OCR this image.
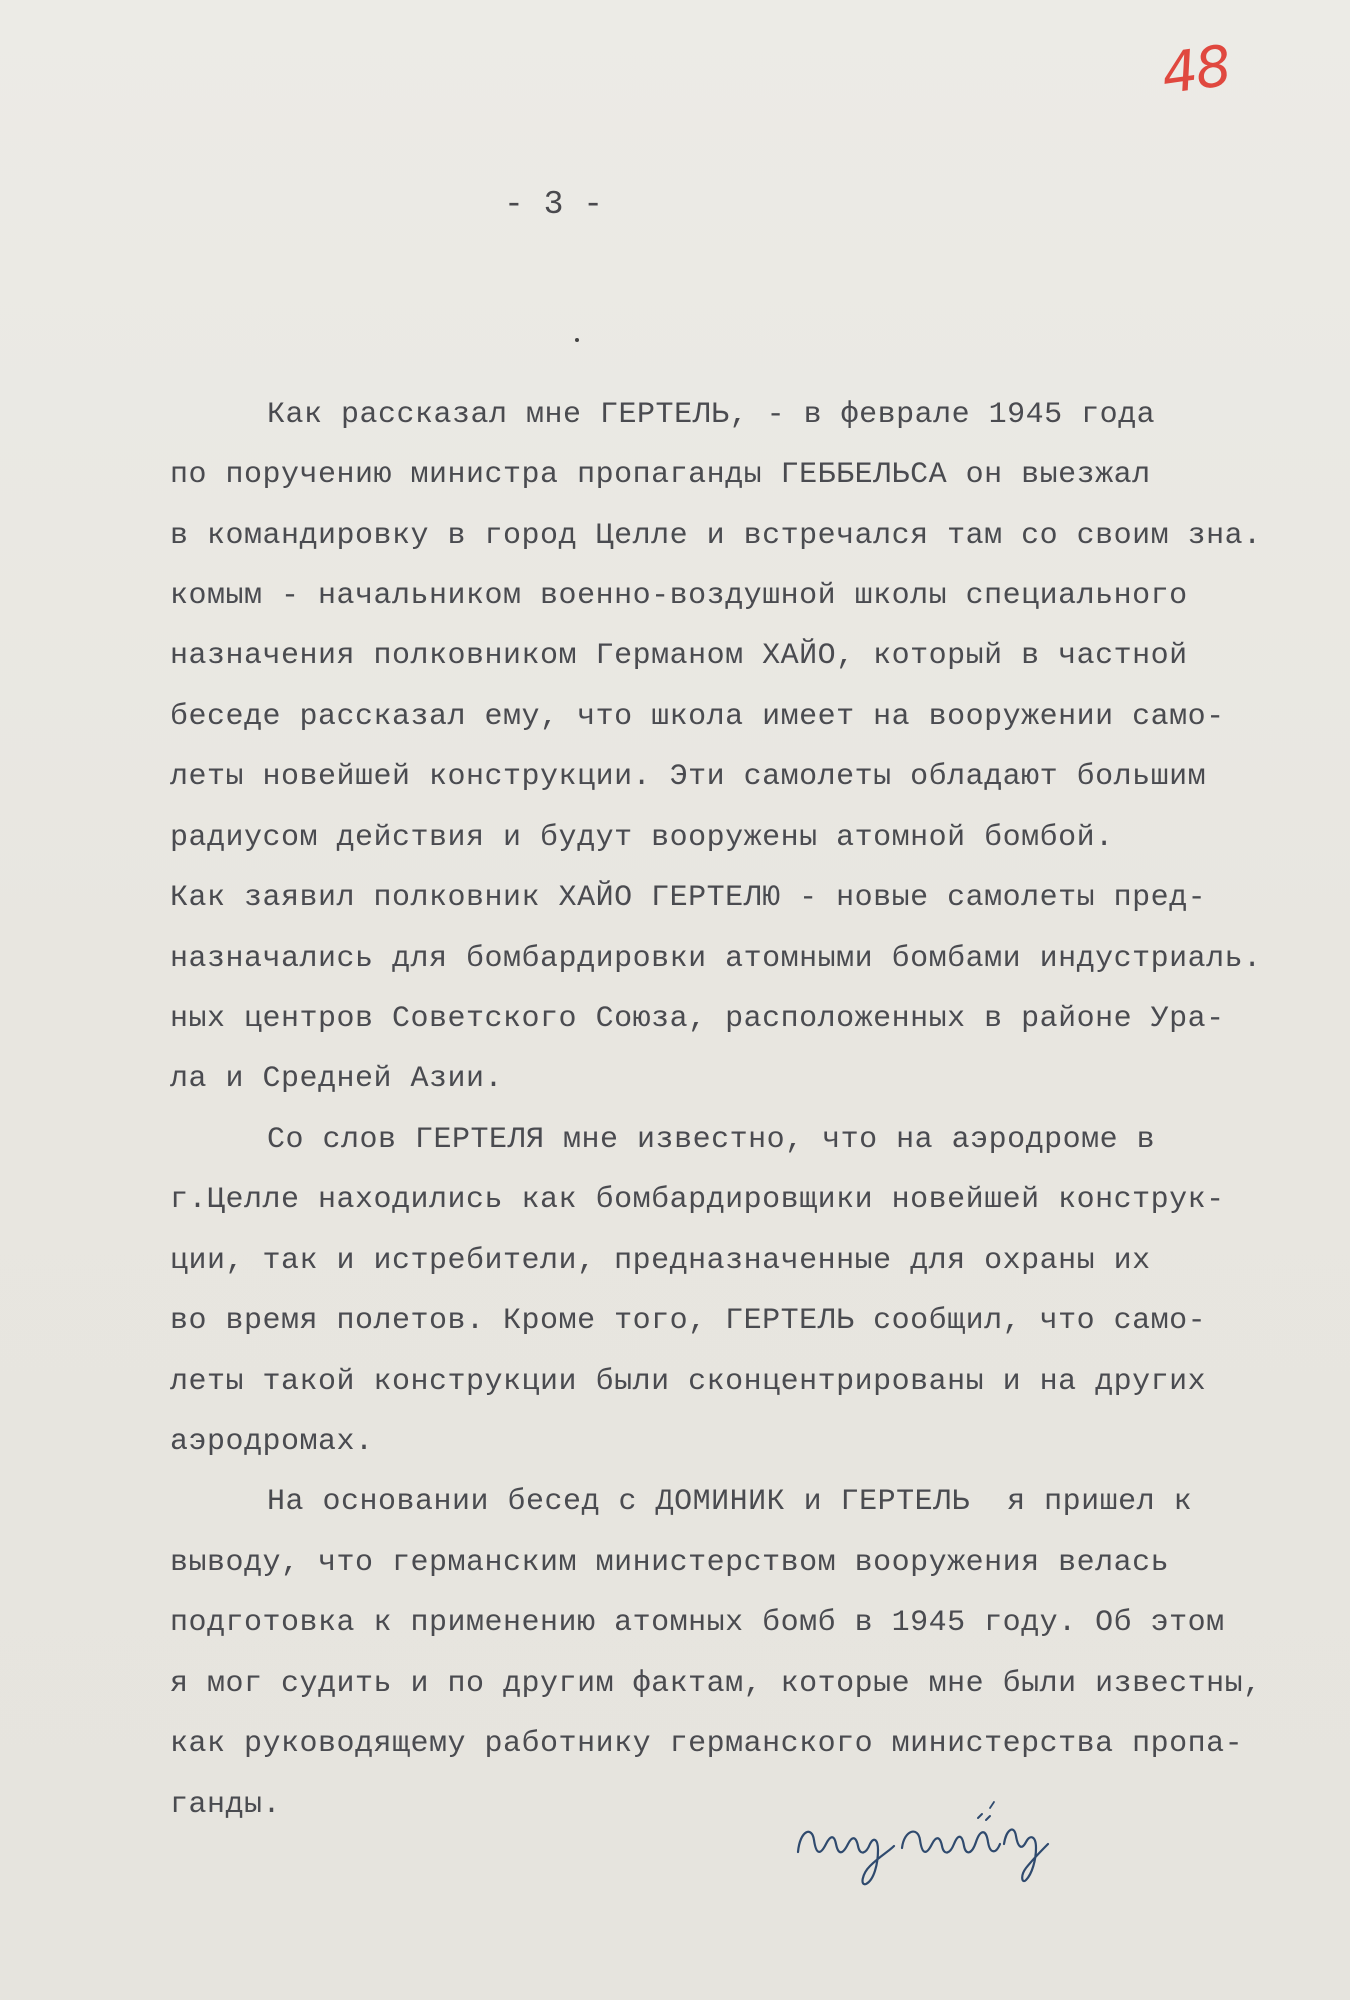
48
- 3 -
Как рассказал мне ГЕРТЕЛЬ, - в феврале 1945 года
по поручению министра пропаганды ГЕББЕЛЬСА он выезжал
в командировку в город Целле и встречался там со своим зна.
комым - начальником военно-воздушной школы специального
назначения полковником Германом ХАЙО, который в частной
беседе рассказал ему, что школа имеет на вооружении само-
леты новейшей конструкции. Эти самолеты обладают большим
радиусом действия и будут вооружены атомной бомбой.
Как заявил полковник ХАЙО ГЕРТЕЛЮ - новые самолеты пред-
назначались для бомбардировки атомными бомбами индустриаль.
ных центров Советского Союза, расположенных в районе Ура-
ла и Средней Азии.
Со слов ГЕРТЕЛЯ мне известно, что на аэродроме в
г.Целле находились как бомбардировщики новейшей конструк-
ции, так и истребители, предназначенные для охраны их
во время полетов. Кроме того, ГЕРТЕЛЬ сообщил, что само-
леты такой конструкции были сконцентрированы и на других
аэродромах.
На основании бесед с ДОМИНИК и ГЕРТЕЛЬ  я пришел к
выводу, что германским министерством вооружения велась
подготовка к применению атомных бомб в 1945 году. Об этом
я мог судить и по другим фактам, которые мне были известны,
как руководящему работнику германского министерства пропа-
ганды.
